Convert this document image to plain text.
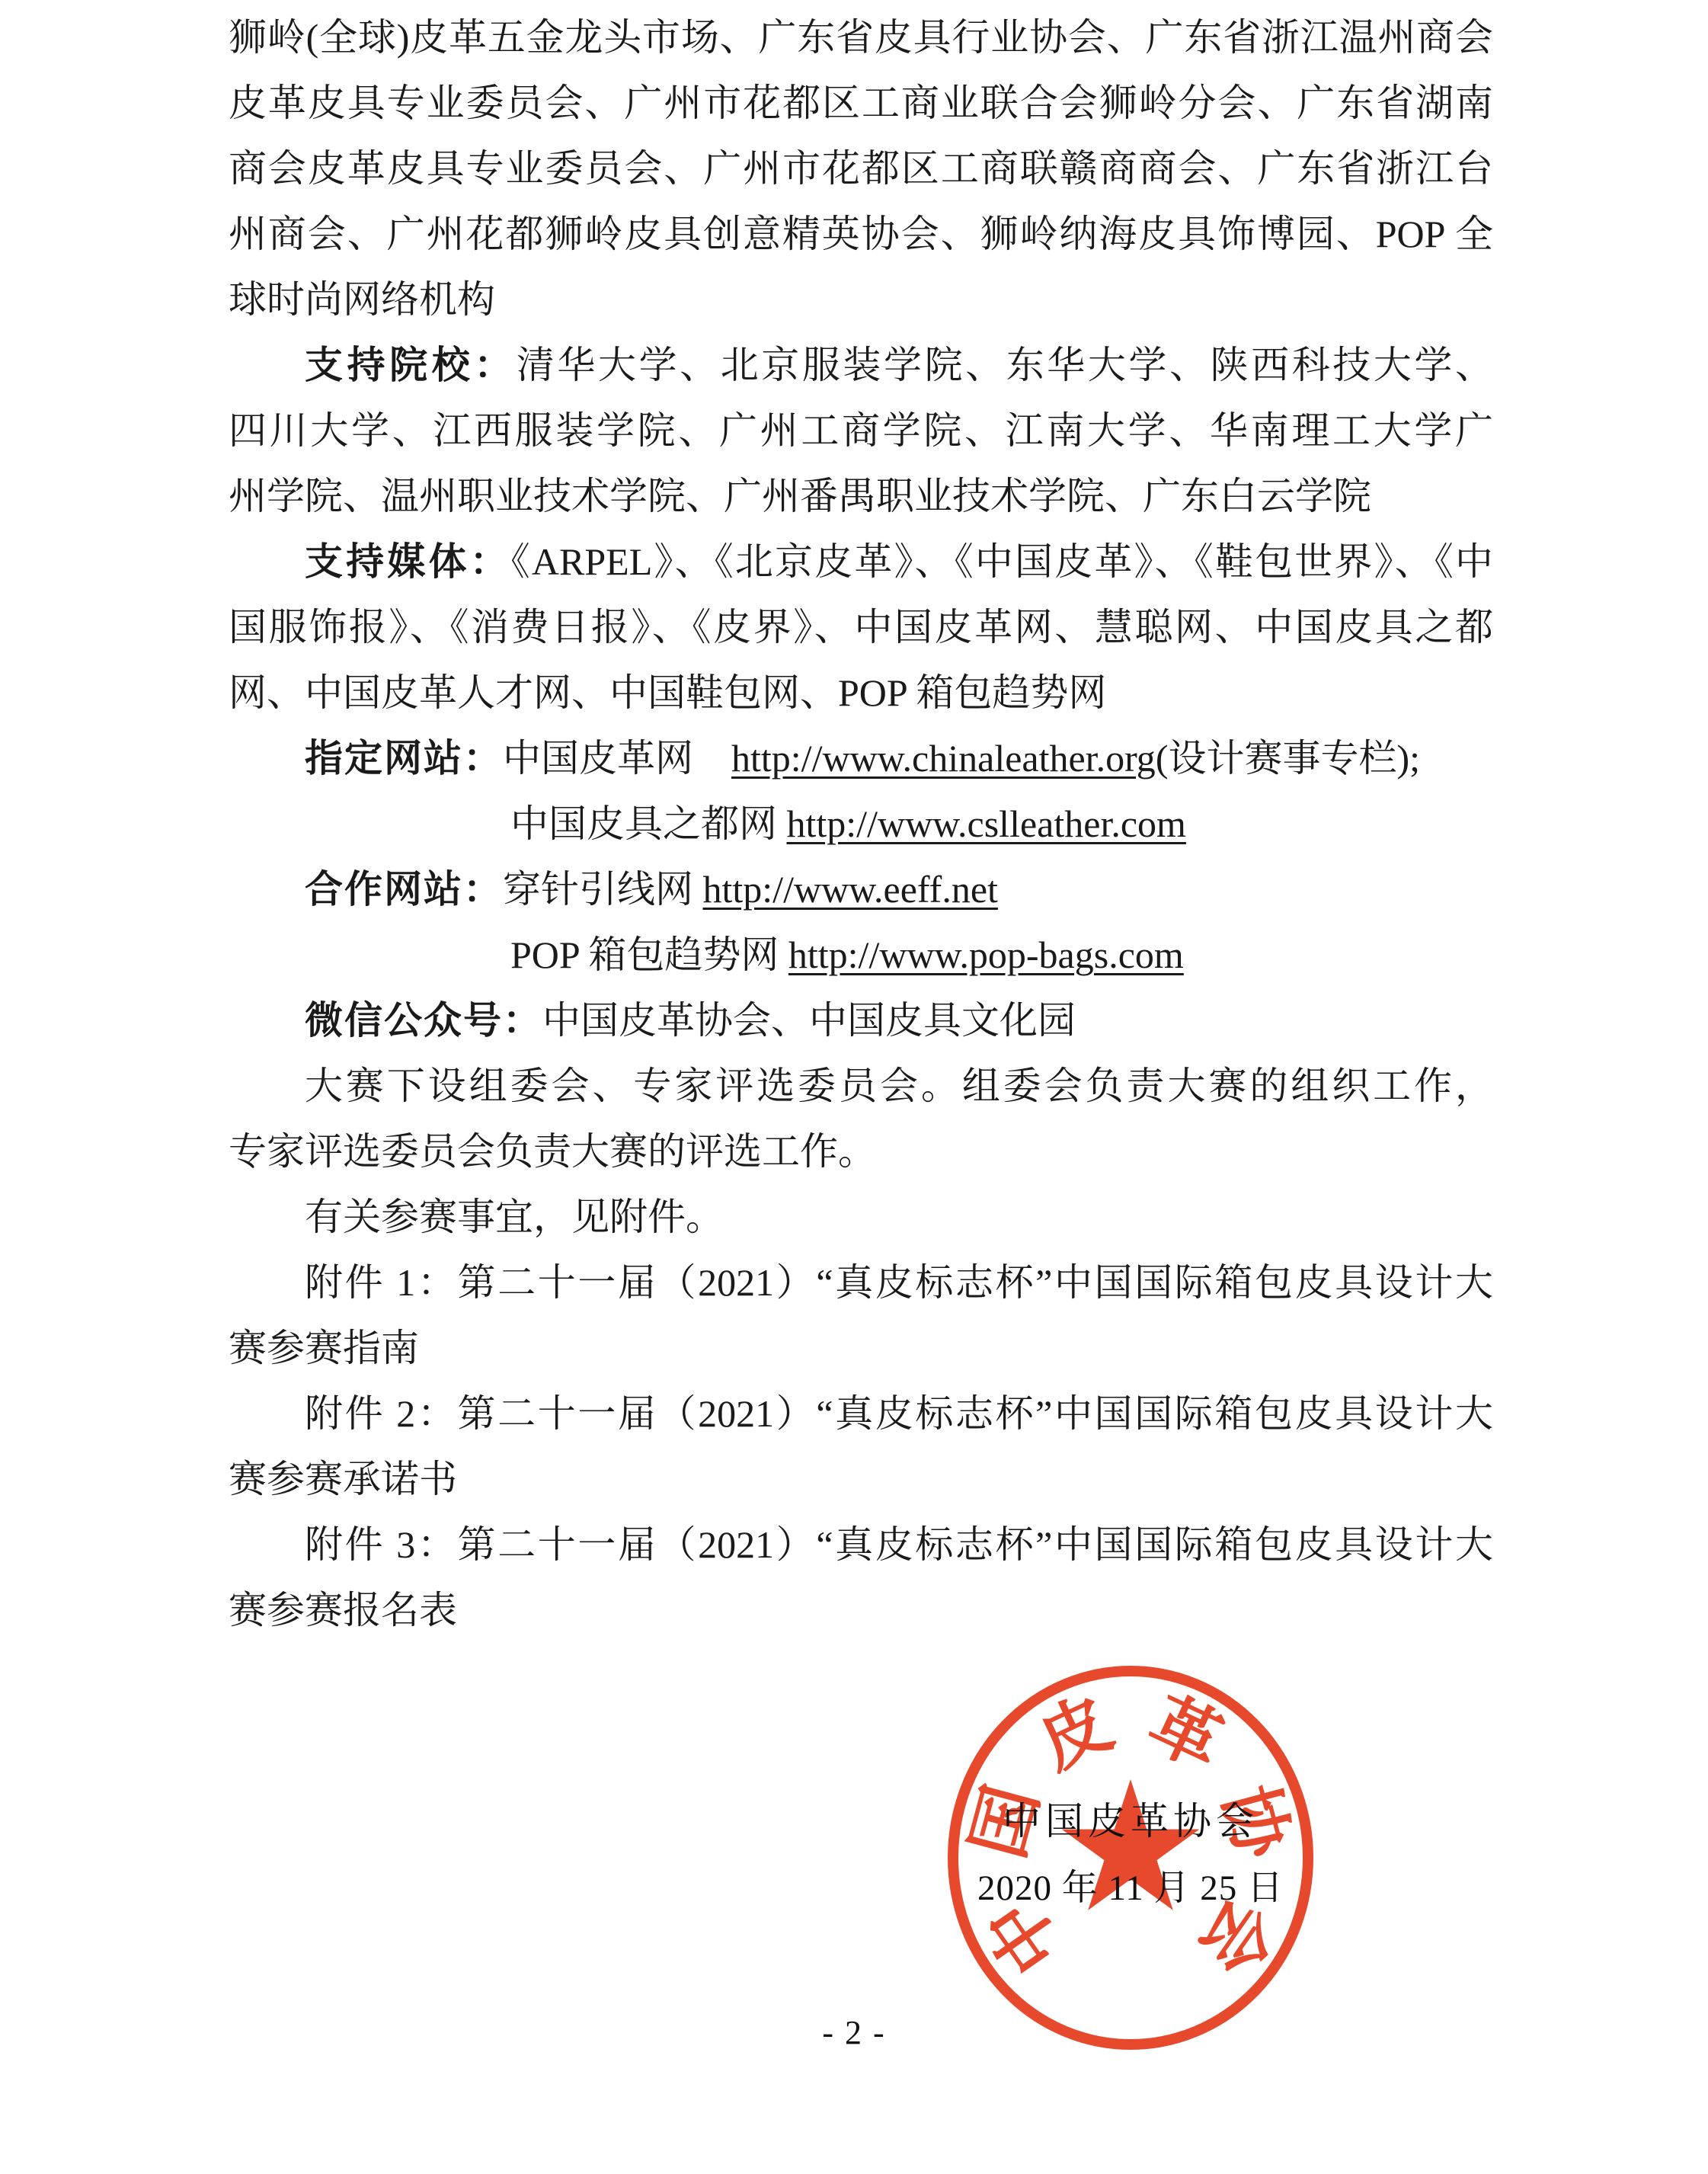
狮岭(全球)皮革五金龙头市场、广东省皮具行业协会、广东省浙江温州商会
皮革皮具专业委员会、广州市花都区工商业联合会狮岭分会、广东省湖南
商会皮革皮具专业委员会、广州市花都区工商联赣商商会、广东省浙江台
州商会、广州花都狮岭皮具创意精英协会、狮岭纳海皮具饰博园、POP 全
球时尚网络机构
支持院校：清华大学、北京服装学院、东华大学、陕西科技大学、
四川大学、江西服装学院、广州工商学院、江南大学、华南理工大学广
州学院、温州职业技术学院、广州番禺职业技术学院、广东白云学院
支持媒体：《ARPEL》、《北京皮革》、《中国皮革》、《鞋包世界》、《中
国服饰报》、《消费日报》、《皮界》、中国皮革网、慧聪网、中国皮具之都
网、中国皮革人才网、中国鞋包网、POP 箱包趋势网
指定网站：中国皮革网　http://www.chinaleather.org(设计赛事专栏);
中国皮具之都网 http://www.cslleather.com
合作网站：穿针引线网 http://www.eeff.net
POP 箱包趋势网 http://www.pop-bags.com
微信公众号：中国皮革协会、中国皮具文化园
大赛下设组委会、专家评选委员会。组委会负责大赛的组织工作，
专家评选委员会负责大赛的评选工作。
有关参赛事宜，见附件。
附件 1：第二十一届（2021）“真皮标志杯”中国国际箱包皮具设计大
赛参赛指南
附件 2：第二十一届（2021）“真皮标志杯”中国国际箱包皮具设计大
赛参赛承诺书
附件 3：第二十一届（2021）“真皮标志杯”中国国际箱包皮具设计大
赛参赛报名表
中
国
皮 革
协
会
中国皮革协会
2020 年 11 月 25 日
- 2 -
